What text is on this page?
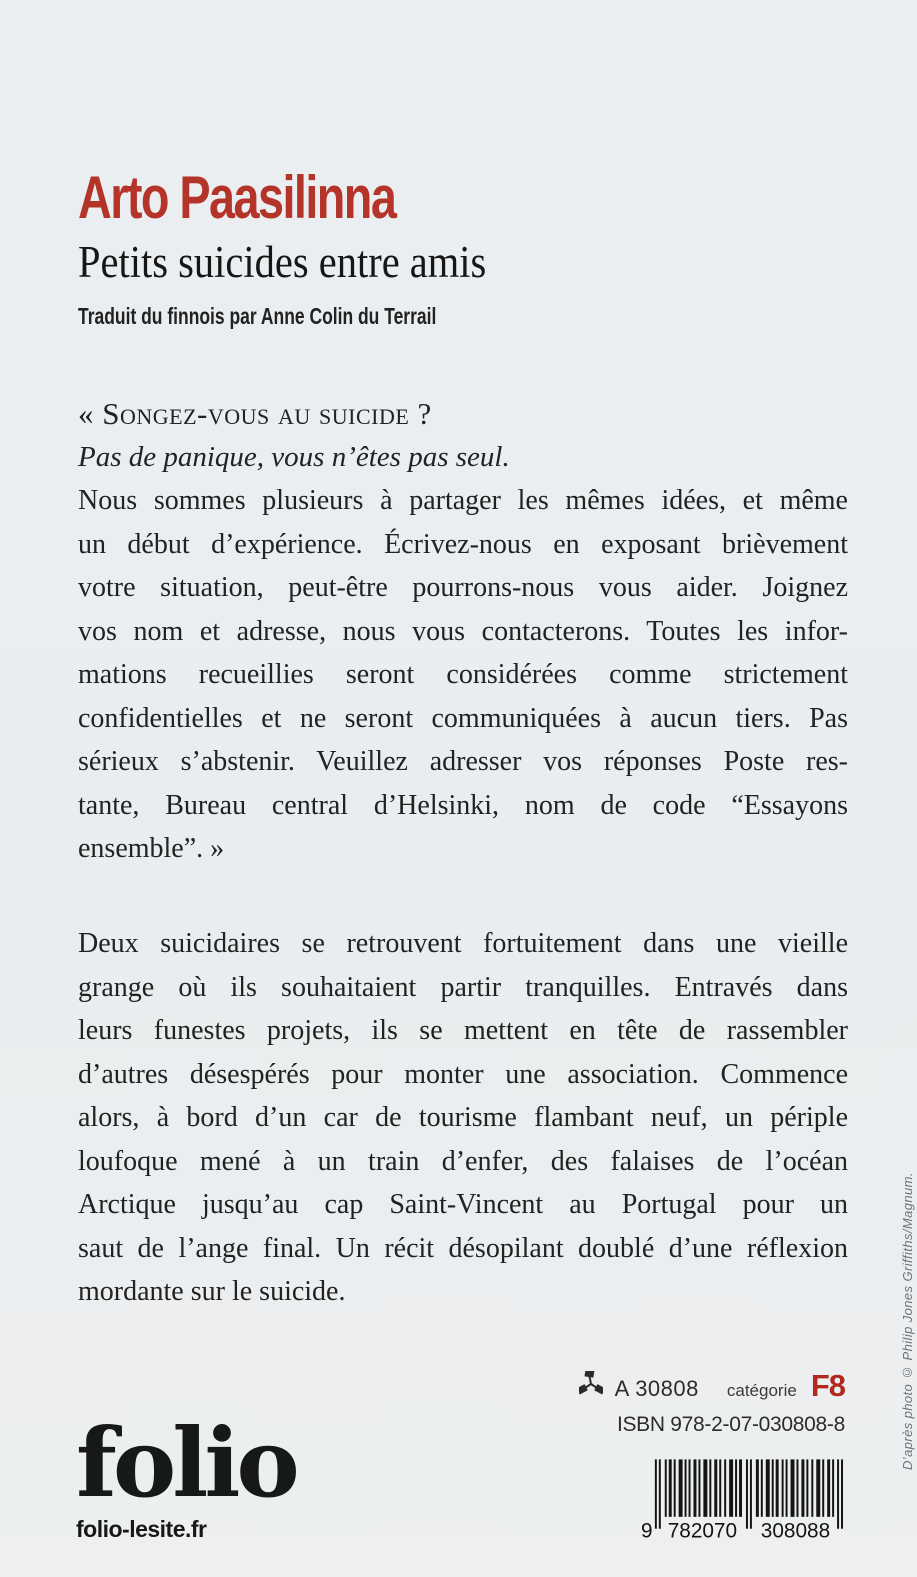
Arto Paasilinna
Petits suicides entre amis
Traduit du finnois par Anne Colin du Terrail
« Songez-vous au suicide ?
Pas de panique, vous n’êtes pas seul.
Nous sommes plusieurs à partager les mêmes idées, et même
un début d’expérience. Écrivez-nous en exposant brièvement
votre situation, peut-être pourrons-nous vous aider. Joignez
vos nom et adresse, nous vous contacterons. Toutes les infor-
mations recueillies seront considérées comme strictement
confidentielles et ne seront communiquées à aucun tiers. Pas
sérieux s’abstenir. Veuillez adresser vos réponses Poste res-
tante, Bureau central d’Helsinki, nom de code “Essayons
ensemble”. »
Deux suicidaires se retrouvent fortuitement dans une vieille
grange où ils souhaitaient partir tranquilles. Entravés dans
leurs funestes projets, ils se mettent en tête de rassembler
d’autres désespérés pour monter une association. Commence
alors, à bord d’un car de tourisme flambant neuf, un périple
loufoque mené à un train d’enfer, des falaises de l’océan
Arctique jusqu’au cap Saint-Vincent au Portugal pour un
saut de l’ange final. Un récit désopilant doublé d’une réflexion
mordante sur le suicide.
folio
folio-lesite.fr
A 30808 catégorie F8
ISBN 978-2-07-030808-8
9 782070 308088
D’après photo © Philip Jones Griffiths/Magnum.
